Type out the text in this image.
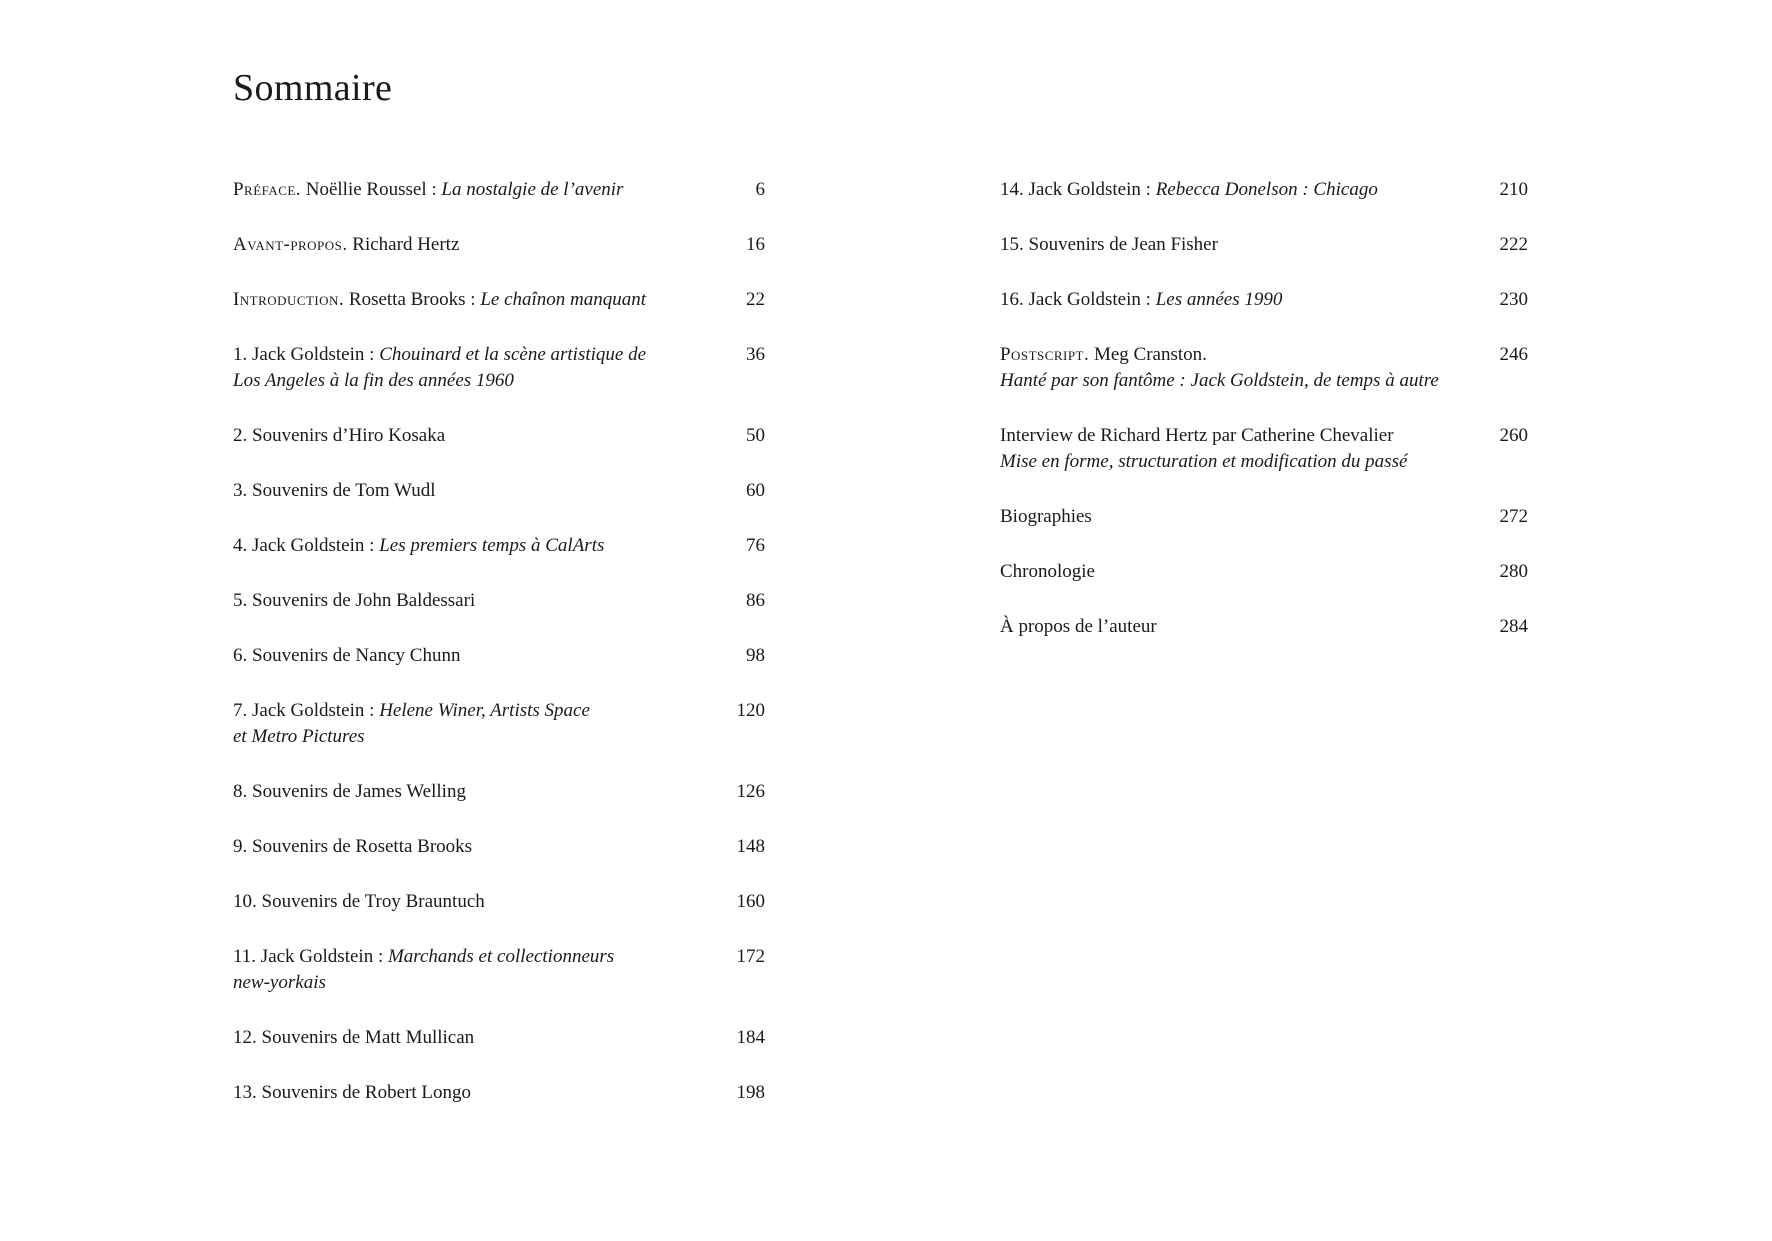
Sommaire
Préface. Noëllie Roussel : La nostalgie de l’avenir	6
Avant-propos. Richard Hertz	16
Introduction. Rosetta Brooks : Le chaînon manquant	22
1. Jack Goldstein : Chouinard et la scène artistique de
Los Angeles à la fin des années 1960
36
2. Souvenirs d’Hiro Kosaka	50
3. Souvenirs de Tom Wudl	60
4. Jack Goldstein : Les premiers temps à CalArts	76
5. Souvenirs de John Baldessari	86
6. Souvenirs de Nancy Chunn	98
7. Jack Goldstein : Helene Winer, Artists Space
et Metro Pictures
120
8. Souvenirs de James Welling	126
9. Souvenirs de Rosetta Brooks	148
10. Souvenirs de Troy Brauntuch	160
11. Jack Goldstein : Marchands et collectionneurs
new-yorkais
172
12. Souvenirs de Matt Mullican	184
13. Souvenirs de Robert Longo	198
14. Jack Goldstein : Rebecca Donelson : Chicago	210
15. Souvenirs de Jean Fisher	222
16. Jack Goldstein : Les années 1990	230
Postscript. Meg Cranston.
Hanté par son fantôme : Jack Goldstein, de temps à autre
246
Interview de Richard Hertz par Catherine Chevalier
Mise en forme, structuration et modification du passé
260
Biographies	272
Chronologie	280
À propos de l’auteur	284
